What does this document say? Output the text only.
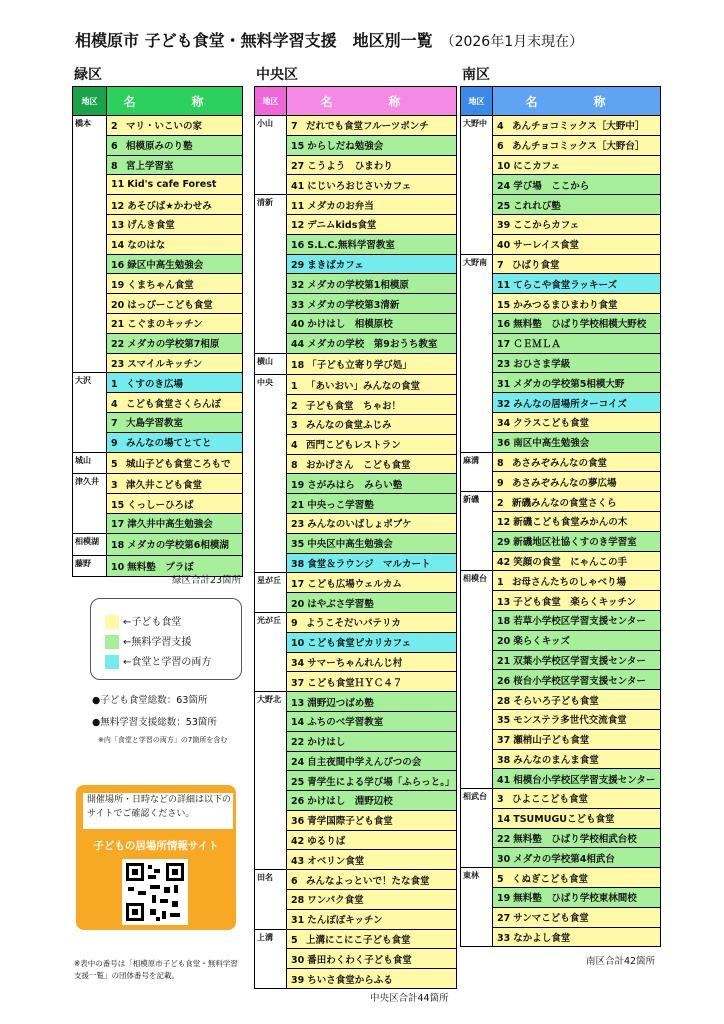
相模原市 子ども食堂・無料学習支援　地区別一覧 （2026年1月末現在）
緑区	中央区	南区
地区	名　称
橋本	2 マリ・いこいの家
	6 相模原みのり塾
	8 宮上学習室
	11 Kid's cafe Forest
	12 あそびば★かわせみ
	13 げんき食堂
	14 なのはな
	16 緑区中高生勉強会
	19 くまちゃん食堂
	20 はっぴーこども食堂
	21 こぐまのキッチン
	22 メダカの学校第7相原
	23 スマイルキッチン
大沢	1 くすのき広場
	4 こども食堂さくらんぼ
	7 大島学習教室
	9 みんなの場てとてと
城山	5 城山子ども食堂ころもで
津久井	3 津久井こども食堂
	15 くっしーひろば
	17 津久井中高生勉強会
相模湖	18 メダカの学校第6相模湖
藤野	10 無料塾　プラぼ
地区	名　称
小山	7 だれでも食堂フルーツポンチ
	15 からしだね勉強会
	27 こうよう　ひまわり
	41 にじいろおじさいカフェ
清新	11 メダカのお弁当
	12 デニムkids食堂
	16 S.L.C.無料学習教室
	29 まきばカフェ
	32 メダカの学校第1相模原
	33 メダカの学校第3清新
	40 かけはし　相模原校
	44 メダカの学校　第9おうち教室
横山	18 「子ども立寄り学び処」
中央	1 「あいおい」みんなの食堂
	2 子ども食堂　ちゃお！
	3 みんなの食堂ふじみ
	4 西門こどもレストラン
	8 おかげさん　こども食堂
	19 さがみはら　みらい塾
	21 中央っこ学習塾
	23 みんなのいばしょポプケ
	35 中央区中高生勉強会
	38 食堂＆ラウンジ　マルカート
星が丘	17 こども広場ウェルカム
	20 はやぶさ学習塾
光が丘	9 ようこそだいパテリカ
	10 こども食堂ピカリカフェ
	34 サマーちゃんれんじ村
	37 こども食堂ＨＹＣ４７
大野北	13 淵野辺つばめ塾
	14 ふちのべ学習教室
	22 かけはし
	24 自主夜間中学えんぴつの会
	25 青学生による学び場「ふらっと。」
	26 かけはし　淵野辺校
	36 青学国際子ども食堂
	42 ゆるりば
	43 オベリン食堂
田名	6 みんなよっといで！たな食堂
	28 ワンパク食堂
	31 たんぽぽキッチン
上溝	5 上溝にこにこ子ども食堂
	30 番田わくわく子ども食堂
	39 ちいさ食堂からふる
地区	名　称
大野中	4 あんチョコミックス［大野中］
	6 あんチョコミックス［大野台］
	10 にこカフェ
	24 学び場　ここから
	25 これれび塾
	39 ここからカフェ
	40 サーレイス食堂
大野南	7 ひばり食堂
	11 てらこや食堂ラッキーズ
	15 かみつるまひまわり食堂
	16 無料塾　ひばり学校相模大野校
	17 ＣＥＭＬＡ
	23 おひさま学級
	31 メダカの学校第5相模大野
	32 みんなの居場所ターコイズ
	34 クラスこども食堂
	36 南区中高生勉強会
麻溝	8 あさみぞみんなの食堂
	9 あさみぞみんなの夢広場
新磯	2 新磯みんなの食堂さくら
	12 新磯こども食堂みかんの木
	29 新磯地区社協くすのき学習室
	42 笑顔の食堂　にゃんこの手
相模台	1 お母さんたちのしゃべり場
	13 子ども食堂　楽らくキッチン
	18 若草小学校区学習支援センター
	20 楽らくキッズ
	21 双葉小学校区学習支援センター
	26 桜台小学校区学習支援センター
	28 そらいろ子ども食堂
	35 モンステラ多世代交流食堂
	37 瀬梢山子ども食堂
	38 みんなのまんま食堂
	41 相模台小学校区学習支援センター
相武台	3 ひよここども食堂
	14 TSUMUGUこども食堂
	22 無料塾　ひばり学校相武台校
	30 メダカの学校第4相武台
東林	5 くぬぎこども食堂
	19 無料塾　ひばり学校東林間校
	27 サンマこども食堂
	33 なかよし食堂
緑区合計23箇所
中央区合計44箇所
南区合計42箇所
←子ども食堂
←無料学習支援
←食堂と学習の両方
●子ども食堂総数：63箇所
●無料学習支援総数：53箇所
※内「食堂と学習の両方」の7箇所を含む
開催場所・日時などの詳細は以下のサイトでご確認ください。
子どもの居場所情報サイト
※表中の番号は「相模原市子ども食堂・無料学習支援一覧」の団体番号を記載。
